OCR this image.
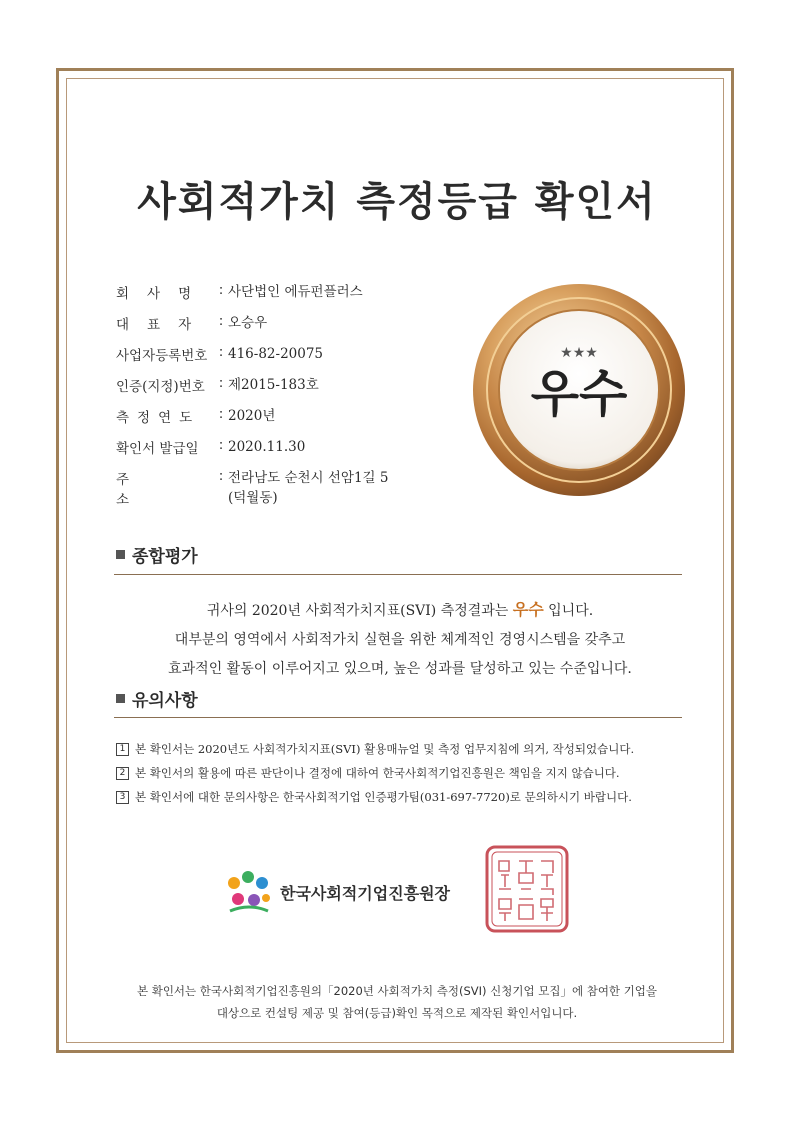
사회적가치 측정등급 확인서
회사명 : 사단법인 에듀펀플러스
대표자 : 오승우
사업자등록번호 : 416-82-20075
인증(지정)번호	: 제2015-183호
측정연도	: 2020년
확인서 발급일	: 2020.11.30
주소
: 전라남도 순천시 선암1길 5
(덕월동)
★★★
우수
종합평가
귀사의 2020년 사회적가치지표(SVI) 측정결과는 우수 입니다.
대부분의 영역에서 사회적가치 실현을 위한 체계적인 경영시스템을 갖추고
효과적인 활동이 이루어지고 있으며, 높은 성과를 달성하고 있는 수준입니다.
유의사항
1 본 확인서는 2020년도 사회적가치지표(SVI) 활용매뉴얼 및 측정 업무지침에 의거, 작성되었습니다.
2 본 확인서의 활용에 따른 판단이나 결정에 대하여 한국사회적기업진흥원은 책임을 지지 않습니다.
3 본 확인서에 대한 문의사항은 한국사회적기업 인증평가팀(031-697-7720)로 문의하시기 바랍니다.
한국사회적기업진흥원장	한국사회적기업진흥원장인
본 확인서는 한국사회적기업진흥원의「2020년 사회적가치 측정(SVI) 신청기업 모집」에 참여한 기업을
대상으로 컨설팅 제공 및 참여(등급)확인 목적으로 제작된 확인서입니다.
